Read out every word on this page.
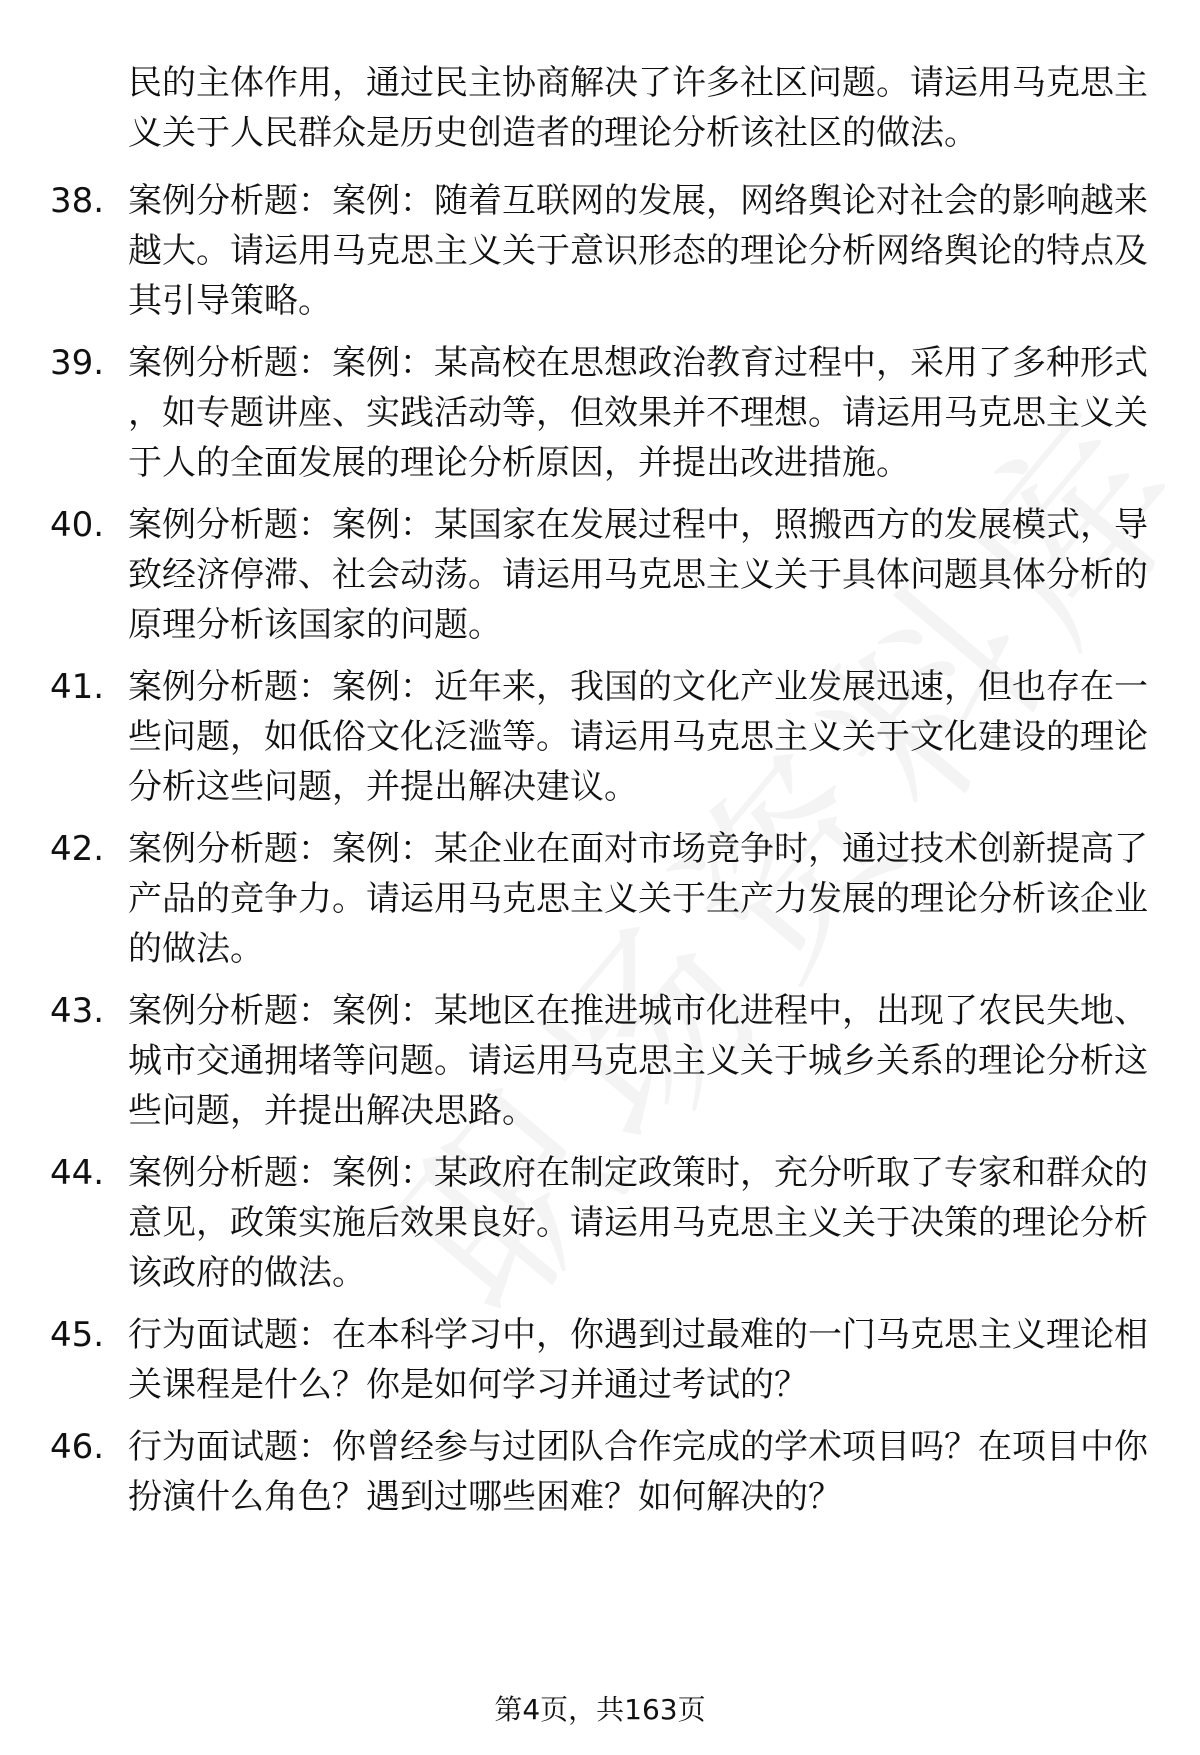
民的主体作用，通过民主协商解决了许多社区问题。请运用马克思主义关于人民群众是历史创造者的理论分析该社区的做法。
38. 案例分析题：案例：随着互联网的发展，网络舆论对社会的影响越来越大。请运用马克思主义关于意识形态的理论分析网络舆论的特点及其引导策略。
39. 案例分析题：案例：某高校在思想政治教育过程中，采用了多种形式，如专题讲座、实践活动等，但效果并不理想。请运用马克思主义关于人的全面发展的理论分析原因，并提出改进措施。
40. 案例分析题：案例：某国家在发展过程中，照搬西方的发展模式，导致经济停滞、社会动荡。请运用马克思主义关于具体问题具体分析的原理分析该国家的问题。
41. 案例分析题：案例：近年来，我国的文化产业发展迅速，但也存在一些问题，如低俗文化泛滥等。请运用马克思主义关于文化建设的理论分析这些问题，并提出解决建议。
42. 案例分析题：案例：某企业在面对市场竞争时，通过技术创新提高了产品的竞争力。请运用马克思主义关于生产力发展的理论分析该企业的做法。
43. 案例分析题：案例：某地区在推进城市化进程中，出现了农民失地、城市交通拥堵等问题。请运用马克思主义关于城乡关系的理论分析这些问题，并提出解决思路。
44. 案例分析题：案例：某政府在制定政策时，充分听取了专家和群众的意见，政策实施后效果良好。请运用马克思主义关于决策的理论分析该政府的做法。
45. 行为面试题：在本科学习中，你遇到过最难的一门马克思主义理论相关课程是什么？你是如何学习并通过考试的？
46. 行为面试题：你曾经参与过团队合作完成的学术项目吗？在项目中你扮演什么角色？遇到过哪些困难？如何解决的？
第4页，共163页
